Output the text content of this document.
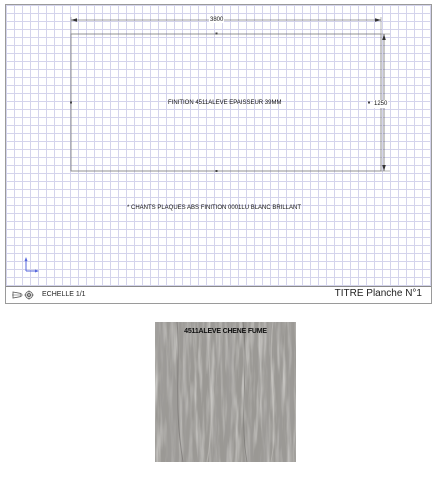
3800
1250
FINITION 4511ALEVE EPAISSEUR 39MM
* CHANTS PLAQUES ABS FINITION 0001LU BLANC BRILLANT
ECHELLE 1/1	TITRE Planche N°1
4511ALEVE CHENE FUME
